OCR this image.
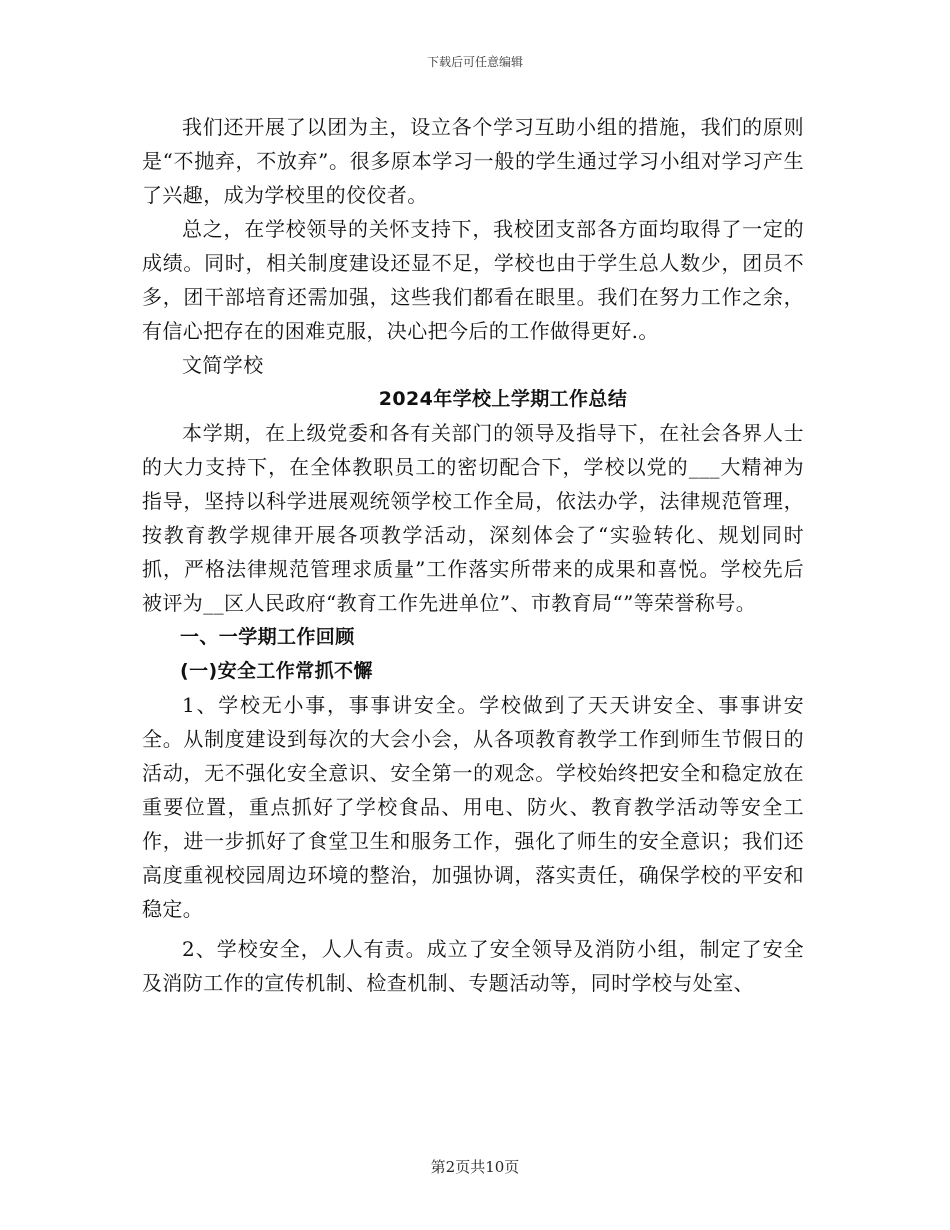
下载后可任意编辑

我们还开展了以团为主，设立各个学习互助小组的措施，我们的原则是“不抛弃，不放弃”。很多原本学习一般的学生通过学习小组对学习产生了兴趣，成为学校里的佼佼者。

总之，在学校领导的关怀支持下，我校团支部各方面均取得了一定的成绩。同时，相关制度建设还显不足，学校也由于学生总人数少，团员不多，团干部培育还需加强，这些我们都看在眼里。我们在努力工作之余，有信心把存在的困难克服，决心把今后的工作做得更好.。

文简学校

2024年学校上学期工作总结

本学期，在上级党委和各有关部门的领导及指导下，在社会各界人士的大力支持下，在全体教职员工的密切配合下，学校以党的___大精神为指导，坚持以科学进展观统领学校工作全局，依法办学，法律规范管理，按教育教学规律开展各项教学活动，深刻体会了“实验转化、规划同时抓，严格法律规范管理求质量”工作落实所带来的成果和喜悦。学校先后被评为__区人民政府“教育工作先进单位”、市教育局“”等荣誉称号。

一、一学期工作回顾

(一)安全工作常抓不懈

1、学校无小事，事事讲安全。学校做到了天天讲安全、事事讲安全。从制度建设到每次的大会小会，从各项教育教学工作到师生节假日的活动，无不强化安全意识、安全第一的观念。学校始终把安全和稳定放在重要位置，重点抓好了学校食品、用电、防火、教育教学活动等安全工作，进一步抓好了食堂卫生和服务工作，强化了师生的安全意识；我们还高度重视校园周边环境的整治，加强协调，落实责任，确保学校的平安和稳定。

2、学校安全，人人有责。成立了安全领导及消防小组，制定了安全及消防工作的宣传机制、检查机制、专题活动等，同时学校与处室、

第2页共10页
